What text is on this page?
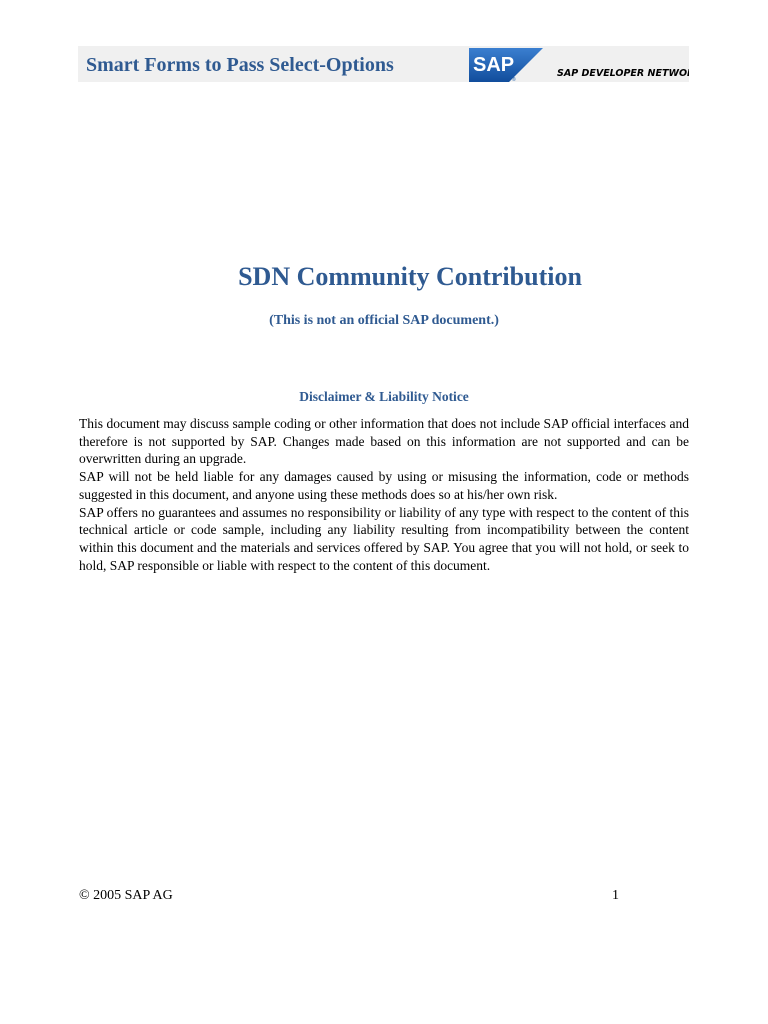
Smart Forms to Pass Select-Options	SAP
®
SAP DEVELOPER NETWORK
SDN Community Contribution
(This is not an official SAP document.)
Disclaimer & Liability Notice

This document may discuss sample coding or other information that does not include SAP official interfaces and therefore is not supported by SAP. Changes made based on this information are not supported and can be overwritten during an upgrade.

SAP will not be held liable for any damages caused by using or misusing the information, code or methods suggested in this document, and anyone using these methods does so at his/her own risk.

SAP offers no guarantees and assumes no responsibility or liability of any type with respect to the content of this technical article or code sample, including any liability resulting from incompatibility between the content within this document and the materials and services offered by SAP. You agree that you will not hold, or seek to hold, SAP responsible or liable with respect to the content of this document.

© 2005 SAP AG	1
